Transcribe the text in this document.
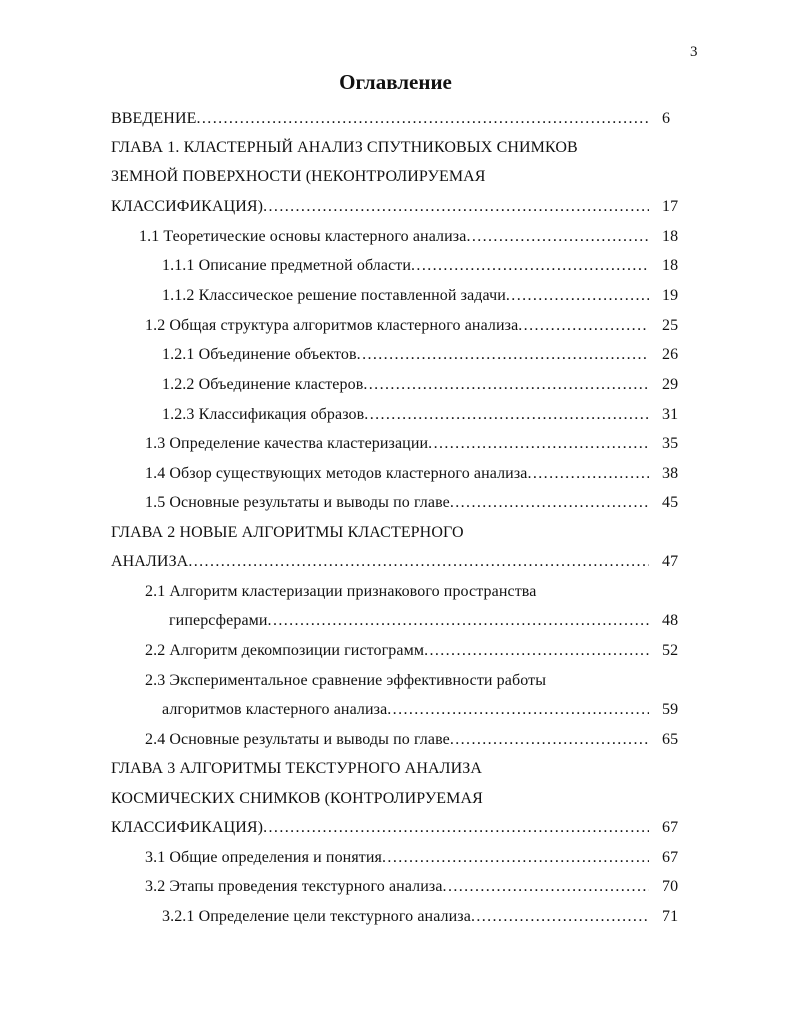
3
Оглавление
ВВЕДЕНИЕ .....	6
ГЛАВА 1. КЛАСТЕРНЫЙ АНАЛИЗ СПУТНИКОВЫХ СНИМКОВ
ЗЕМНОЙ ПОВЕРХНОСТИ (НЕКОНТРОЛИРУЕМАЯ
КЛАССИФИКАЦИЯ) .....	17
1.1 Теоретические основы кластерного анализа .....	18
1.1.1 Описание предметной области .....	18
1.1.2 Классическое решение поставленной задачи .....	19
1.2 Общая структура алгоритмов кластерного анализа .....	25
1.2.1 Объединение объектов .....	26
1.2.2 Объединение кластеров .....	29
1.2.3 Классификация образов .....	31
1.3 Определение качества кластеризации .....	35
1.4 Обзор существующих методов кластерного анализа .....	38
1.5 Основные результаты и выводы по главе .....	45
ГЛАВА 2 НОВЫЕ АЛГОРИТМЫ КЛАСТЕРНОГО
АНАЛИЗА .....	47
2.1 Алгоритм кластеризации признакового пространства
гиперсферами .....	48
2.2 Алгоритм декомпозиции гистограмм .....	52
2.3 Экспериментальное сравнение эффективности работы
алгоритмов кластерного анализа .....	59
2.4 Основные результаты и выводы по главе .....	65
ГЛАВА 3 АЛГОРИТМЫ ТЕКСТУРНОГО АНАЛИЗА
КОСМИЧЕСКИХ СНИМКОВ (КОНТРОЛИРУЕМАЯ
КЛАССИФИКАЦИЯ) .....	67
3.1 Общие определения и понятия .....	67
3.2 Этапы проведения текстурного анализа .....	70
3.2.1 Определение цели текстурного анализа .....	71
